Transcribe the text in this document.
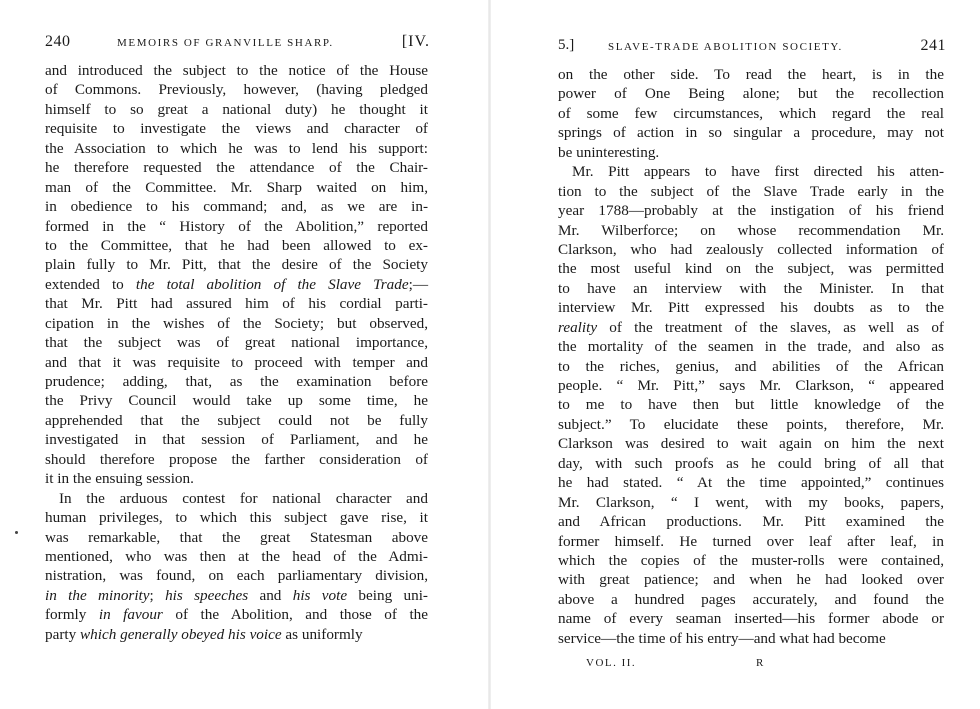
240	MEMOIRS OF GRANVILLE SHARP.	[IV.
and introduced the subject to the notice of the House
of Commons. Previously, however, (having pledged
himself to so great a national duty) he thought it
requisite to investigate the views and character of
the Association to which he was to lend his support:
he therefore requested the attendance of the Chair-
man of the Committee. Mr. Sharp waited on him,
in obedience to his command; and, as we are in-
formed in the “ History of the Abolition,” reported
to the Committee, that he had been allowed to ex-
plain fully to Mr. Pitt, that the desire of the Society
extended to the total abolition of the Slave Trade;—
that Mr. Pitt had assured him of his cordial parti-
cipation in the wishes of the Society; but observed,
that the subject was of great national importance,
and that it was requisite to proceed with temper and
prudence; adding, that, as the examination before
the Privy Council would take up some time, he
apprehended that the subject could not be fully
investigated in that session of Parliament, and he
should therefore propose the farther consideration of
it in the ensuing session.
In the arduous contest for national character and
human privileges, to which this subject gave rise, it
was remarkable, that the great Statesman above
mentioned, who was then at the head of the Admi-
nistration, was found, on each parliamentary division,
in the minority; his speeches and his vote being uni-
formly in favour of the Abolition, and those of the
party which generally obeyed his voice as uniformly
5.]	SLAVE-TRADE ABOLITION SOCIETY.	241
on the other side. To read the heart, is in the
power of One Being alone; but the recollection
of some few circumstances, which regard the real
springs of action in so singular a procedure, may not
be uninteresting.
Mr. Pitt appears to have first directed his atten-
tion to the subject of the Slave Trade early in the
year 1788—probably at the instigation of his friend
Mr. Wilberforce; on whose recommendation Mr.
Clarkson, who had zealously collected information of
the most useful kind on the subject, was permitted
to have an interview with the Minister. In that
interview Mr. Pitt expressed his doubts as to the
reality of the treatment of the slaves, as well as of
the mortality of the seamen in the trade, and also as
to the riches, genius, and abilities of the African
people. “ Mr. Pitt,” says Mr. Clarkson, “ appeared
to me to have then but little knowledge of the
subject.” To elucidate these points, therefore, Mr.
Clarkson was desired to wait again on him the next
day, with such proofs as he could bring of all that
he had stated. “ At the time appointed,” continues
Mr. Clarkson, “ I went, with my books, papers,
and African productions. Mr. Pitt examined the
former himself. He turned over leaf after leaf, in
which the copies of the muster-rolls were contained,
with great patience; and when he had looked over
above a hundred pages accurately, and found the
name of every seaman inserted—his former abode or
service—the time of his entry—and what had become
VOL. II.	R
